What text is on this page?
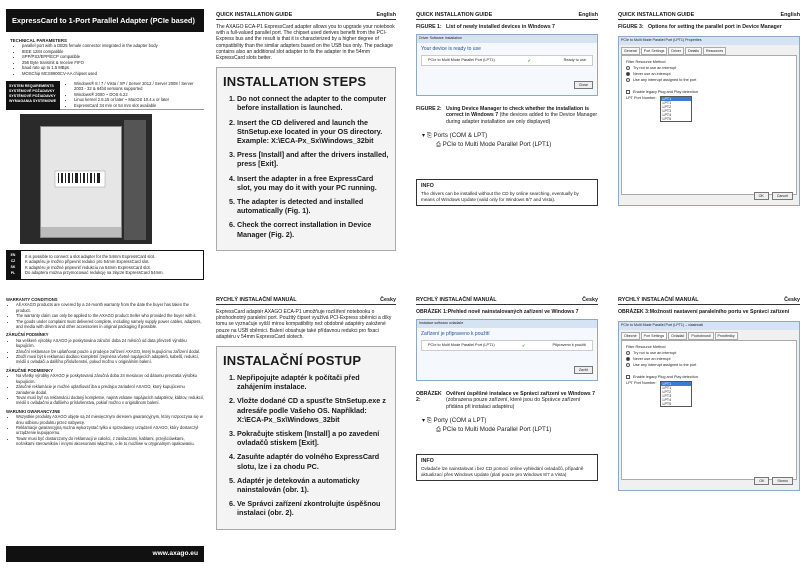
ExpressCard to 1-Port Parallel Adapter (PCIe based)
TECHNICAL PARAMETERS
• parallel port with a DB25 female connector integrated in the adapter body
• IEEE 1284 compatible
• SPP/PS2/EPP/ECP compatible
• 256 Byte transmit & receive FIFO
• baud rate up to 1.5 MBps
• MOSChip MCS9900CV-AA chipset used
SYSTEM REQUIREMENTS
SYSTÉMOVÉ POŽADAVKY
SYSTÉMOVÉ POŽIADAVKY
WYMAGANIA SYSTEMOWE
• Windows® 8 / 7 / Vista / XP / Server 2012 / Server 2008 / Server 2003 - 32 & 64bit versions supported
• Windows® 2000 ~ DOS 6.22
• Linux kernel 2.6.15 or later ~ MacOS 10.4.x or later
• ExpressCard 34 mm or 54 mm slot available
EN
CZ
SK
PL
It is possible to connect a slot adapter for the 54mm ExpressCard slot.
K adaptéru je možno připevnit redukci pro 54mm ExpressCard slot.
K adaptéru je možné pripevniť redukciu na 54mm ExpressCard slot.
Do adaptera można przymocować redukcję na złącze ExpressCard 54mm.
QUICK INSTALLATION GUIDE	English

The AXAGO ECA-P1 ExpressCard adapter allows you to upgrade your notebook with a full-valued parallel port. The chipset used derives benefit from the PCI-Express bus and the result is that it is characterized by a higher degree of compatibility than the similar adapters based on the USB bus only. The package contains also an additional slot adapter to fix the adapter in the 54mm ExpressCard slots better.

INSTALLATION STEPS
1. Do not connect the adapter to the computer before installation is launched.
2. Insert the CD delivered and launch the StnSetup.exe located in your OS directory. Example: X:\ECA-Px_Sx\Windows_32bit
3. Press [Install] and after the drivers installed, press [Exit].
4. Insert the adapter in a free ExpressCard slot, you may do it with your PC running.
5. The adapter is detected and installed automatically (Fig. 1).
6. Check the correct installation in Device Manager (Fig. 2).
QUICK INSTALLATION GUIDE	English
FIGURE 1: List of newly installed devices in Windows 7
Driver Software Installation
Your device is ready to use
PCIe to Multi Mode Parallel Port (LPT1)	✔	Ready to use
Close
FIGURE 2: Using Device Manager to check whether the installation is correct in Windows 7 (the devices added to the Device Manager during adapter installation are only displayed)
▾ ⎘ Ports (COM & LPT)
⎙ PCIe to Multi Mode Parallel Port (LPT1)
INFO

The drivers can be installed without the CD by online searching, eventually by means of Windows Update (valid only for Windows 8/7 and Vista).

QUICK INSTALLATION GUIDE	English
FIGURE 3: Options for setting the parallel port in Device Manager
PCIe to Multi Mode Parallel Port (LPT1) Properties
General	Port Settings	Driver	Details	Resources
Filter Resource Method
Try not to use an interrupt
Never use an interrupt
Use any interrupt assigned to the port
Enable legacy Plug and Play detection
LPT Port Number:	LPT1
LPT1
LPT2
LPT3
LPT4
LPT5
OK	Cancel
WARRANTY CONDITIONS
• All AXAGO products are covered by a 24-month warranty from the date the buyer has taken the product.
• The warranty claim can only be applied to the AXAGO product Seller who provided the buyer with it.
• The goods under complaint must delivered complete, including namely supply power cables, adapters, and media with drivers and other accessories in original packaging if possible.
ZÁRUČNÍ PODMÍNKY
• Na veškeré výrobky AXAGO je poskytována záruční doba 24 měsíců od data převzetí výrobku kupujícím.
• Záruční reklamace lze uplatňovat pouze u prodejce zařízení AXAGO, který kupujícímu zařízení dodal.
• Zboží musí být k reklamaci dodáno kompletní (zejména včetně napájecích adaptérů, kabelů, redukcí, médií s ovladači a dalšího příslušenství, pokud možno v originálním balení.
ZÁRUČNÉ PODMIENKY
• Na všetky výrobky AXAGO je poskytovaná záručná doba 24 mesiacov od dátumu prevzatia výrobku kupujúcim.
• Záručné reklamácie je možné uplatňovať iba u predajcu zariadení AXAGO, ktorý kupujúcemu zariadenie dodal.
• Tovar musí byť na reklamáciu dodaný kompletne, najmä vrátane napájacích adaptérov, káblov, redukcií, médií s ovládačmi a ďalšieho príslušenstva, pokiaľ možno v originálnom balení.
WARUNKI GWARANCYJNE
• Wszystkie produkty AXAGO objęte są 24 miesięcznym okresem gwarancyjnym, który rozpoczyna się w dniu odbioru produktu przez nabywcę.
• Reklamacje gwarancyjną można wykorzystać tylko u sprzedawcy urządzeń AXAGO, który dostarczył urządzenie kupującemu.
• Towar musi być dostarczony do reklamacji w całości, z zasilaczami, kablami, przejściówkami, nośnikami sterowników i innymi akcesoriami włącznie, o ile to możliwe w oryginalnym opakowaniu.
www.axago.eu
RYCHLÝ INSTALAČNÍ MANUÁL	Česky

ExpressCard adaptér AXAGO ECA-P1 umožňuje rozšíření notebooku o plnohodnotný paralelní port. Použitý čipset využívá PCI-Express sběrnici a díky tomu se vyznačuje vyšší mírou kompatibility než obdobné adaptéry založené pouze na USB sběrnici. Balení obsahuje také přídavnou redukci pro fixaci adaptéru v 54mm ExpressCard slotech.

INSTALAČNÍ POSTUP
1. Nepřipojujte adaptér k počítači před zahájením instalace.
2. Vložte dodané CD a spusťte StnSetup.exe z adresáře podle Vašeho OS. Například: X:\ECA-Px_Sx\Windows_32bit
3. Pokračujte stiskem [Install] a po zavedení ovladačů stiskem [Exit].
4. Zasuňte adaptér do volného ExpressCard slotu, lze i za chodu PC.
5. Adaptér je detekován a automaticky nainstalován (obr. 1).
6. Ve Správci zařízení zkontrolujte úspěšnou instalaci (obr. 2).
RYCHLÝ INSTALAČNÍ MANUÁL	Česky
OBRÁZEK 1: Přehled nově nainstalovaných zařízení ve Windows 7
Instalace softwaru ovladače
Zařízení je připraveno k použití
PCIe to Multi Mode Parallel Port (LPT1)	✔	Připraveno k použití
Zavřít
OBRÁZEK 2:
Ověření úspěšné instalace ve Správci zařízení ve Windows 7 (zobrazena pouze zařízení, které jsou do Správce zařízení přidána při instalaci adaptéru)
▾ ⎘ Porty (COM a LPT)
⎙ PCIe to Multi Mode Parallel Port (LPT1)
INFO

Ovladače lze nainstalovat i bez CD pomocí online vyhledání ovladačů, případně aktualizací přes Windows Update (platí pouze pro Windows 8/7 a Vista)

RYCHLÝ INSTALAČNÍ MANUÁL	Česky
OBRÁZEK 3: Možnosti nastavení paralelního portu ve Správci zařízení
PCIe to Multi Mode Parallel Port (LPT1) – vlastnosti
Obecné	Port Settings	Ovladač	Podrobnosti	Prostředky
Filter Resource Method
Try not to use an interrupt
Never use an interrupt
Use any interrupt assigned to the port
Enable legacy Plug and Play detection
LPT Port Number:	LPT1
LPT1
LPT2
LPT3
LPT4
LPT5
OK	Storno
